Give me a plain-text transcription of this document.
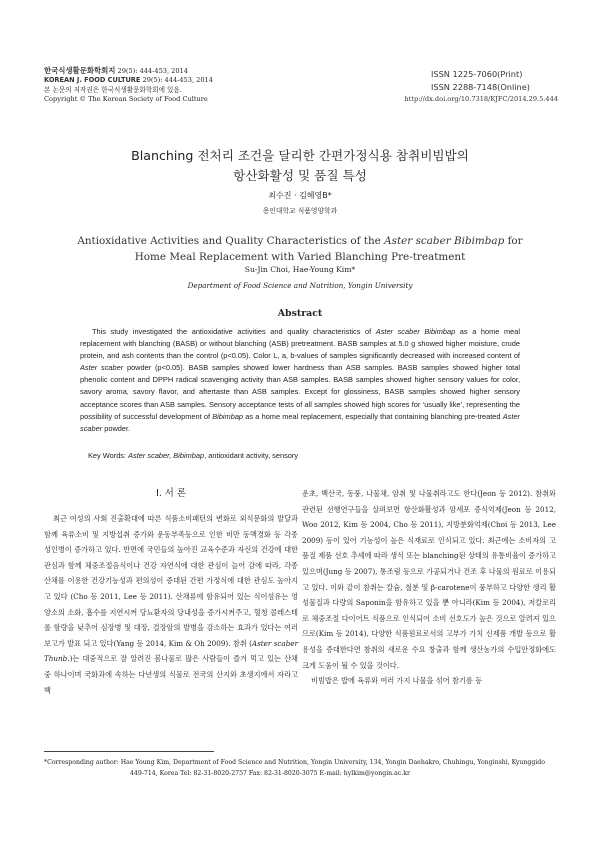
한국식생활문화학회지 29(5): 444-453, 2014
KOREAN J. FOOD CULTURE 29(5): 444-453, 2014
본 논문의 저작권은 한국식생활문화학회에 있음.
Copyright © The Korean Society of Food Culture
ISSN 1225-7060(Print)
ISSN 2288-7148(Online)
http://dx.doi.org/10.7318/KJFC/2014.29.5.444
Blanching 전처리 조건을 달리한 간편가정식용 참취비빔밥의
항산화활성 및 품질 특성
최수진 · 김혜영B*
용인대학교 식품영양학과
Antioxidative Activities and Quality Characteristics of the Aster scaber Bibimbap for
Home Meal Replacement with Varied Blanching Pre-treatment
Su-Jin Choi, Hae-Young Kim*
Department of Food Science and Nutrition, Yongin University
Abstract

This study investigated the antioxidative activities and quality characteristics of Aster scaber Bibimbap as a home meal replacement with blanching (BASB) or without blanching (ASB) pretreatment. BASB samples at 5.0 g showed higher moisture, crude protein, and ash contents than the control (p<0.05). Color L, a, b-values of samples significantly decreased with increased content of Aster scaber powder (p<0.05). BASB samples showed lower hardness than ASB samples. BASB samples showed higher total phenolic content and DPPH radical scavenging activity than ASB samples. BASB samples showed higher sensory values for color, savory aroma, savory flavor, and aftertaste than ASB samples. Except for glossiness, BASB samples showed higher sensory acceptance scores than ASB samples. Sensory acceptance tests of all samples showed high scores for ‘usually like’, representing the possibility of successful development of Bibimbap as a home meal replacement, especially that containing blanching pre-treated Aster scaber powder.

Key Words: Aster scaber, Bibimbap, antioxidant activity, sensory
Ⅰ. 서 론

최근 여성의 사회 진출확대에 따른 식품소비패턴의 변화로 외식문화의 발달과 함께 육류소비 및 지방섭취 증가와 운동부족등으로 인한 비만 동맥경화 등 각종 성인병이 증가하고 있다. 반면에 국민들의 높아진 교육수준과 자신의 건강에 대한 관심과 함께 체중조절음식이나 건강 자연식에 대한 관심이 늘어 감에 따라, 각종 산채를 이용한 건강기능성과 편의성이 증대된 간편 가정식에 대한 관심도 높아지고 있다 (Cho 등 2011, Lee 등 2011). 산채류에 함유되어 있는 식이섬유는 영양소의 소화, 흡수를 지연시켜 당뇨환자의 당내성을 증가시켜주고, 혈청 콜레스테롤 함량을 낮추어 심장병 및 대장, 결장암의 발병을 감소하는 효과가 있다는 여러 보고가 발표 되고 있다(Yang 등 2014, Kim & Oh 2009). 참취 (Aster scaber Thunb.)는 대중적으로 잘 알려진 봄나물로 많은 사람들이 즐겨 먹고 있는 산채 중 하나이며 국화과에 속하는 다년생의 식물로 전국의 산지와 초생지에서 자라고 백

운초, 백산국, 동풍, 나물채, 암취 및 나물취라고도 한다(Jeon 등 2012). 참취와 관련된 선행연구들을 살펴보면 항산화활성과 암세포 증식억제(Jeon 등 2012, Woo 2012, Kim 등 2004, Cho 등 2011), 지방분화억제(Choi 등 2013, Lee 2009) 등이 있어 기능성이 높은 식재료로 인식되고 있다. 최근에는 소비자의 고품질 제품 선호 추세에 따라 생식 또는 blanching된 상태의 유통비율이 증가하고 있으며(Jung 등 2007), 통조림 등으로 가공되거나 건조 후 나물의 원료로 이용되고 있다. 이와 같이 참취는 칼슘, 철분 및 β-carotene이 풍부하고 다양한 생리 활성물질과 다량의 Saponin을 함유하고 있을 뿐 아니라(Kim 등 2004), 저칼로리로 체중조절 다이어트 식품으로 인식되어 소비 선호도가 높은 것으로 알려져 있으므로(Kim 등 2014), 다양한 식품원료로서의 고부가 가치 신제품 개발 등으로 활용성을 증대한다면 참취의 새로운 수요 창출과 함께 생산농가의 수입안정화에도 크게 도움이 될 수 있을 것이다.

비빔밥은 밥에 육류와 여러 가지 나물을 섞어 참기름 등

*Corresponding author: Hae Young Kim, Department of Food Science and Nutrition, Yongin University, 134, Yongin Daehakro, Chuhingu, Yonginshi, Kyunggido
449-714, Korea Tel: 82-31-8020-2757 Fax: 82-31-8020-3075 E-mail: hylkim@yongin.ac.kr
